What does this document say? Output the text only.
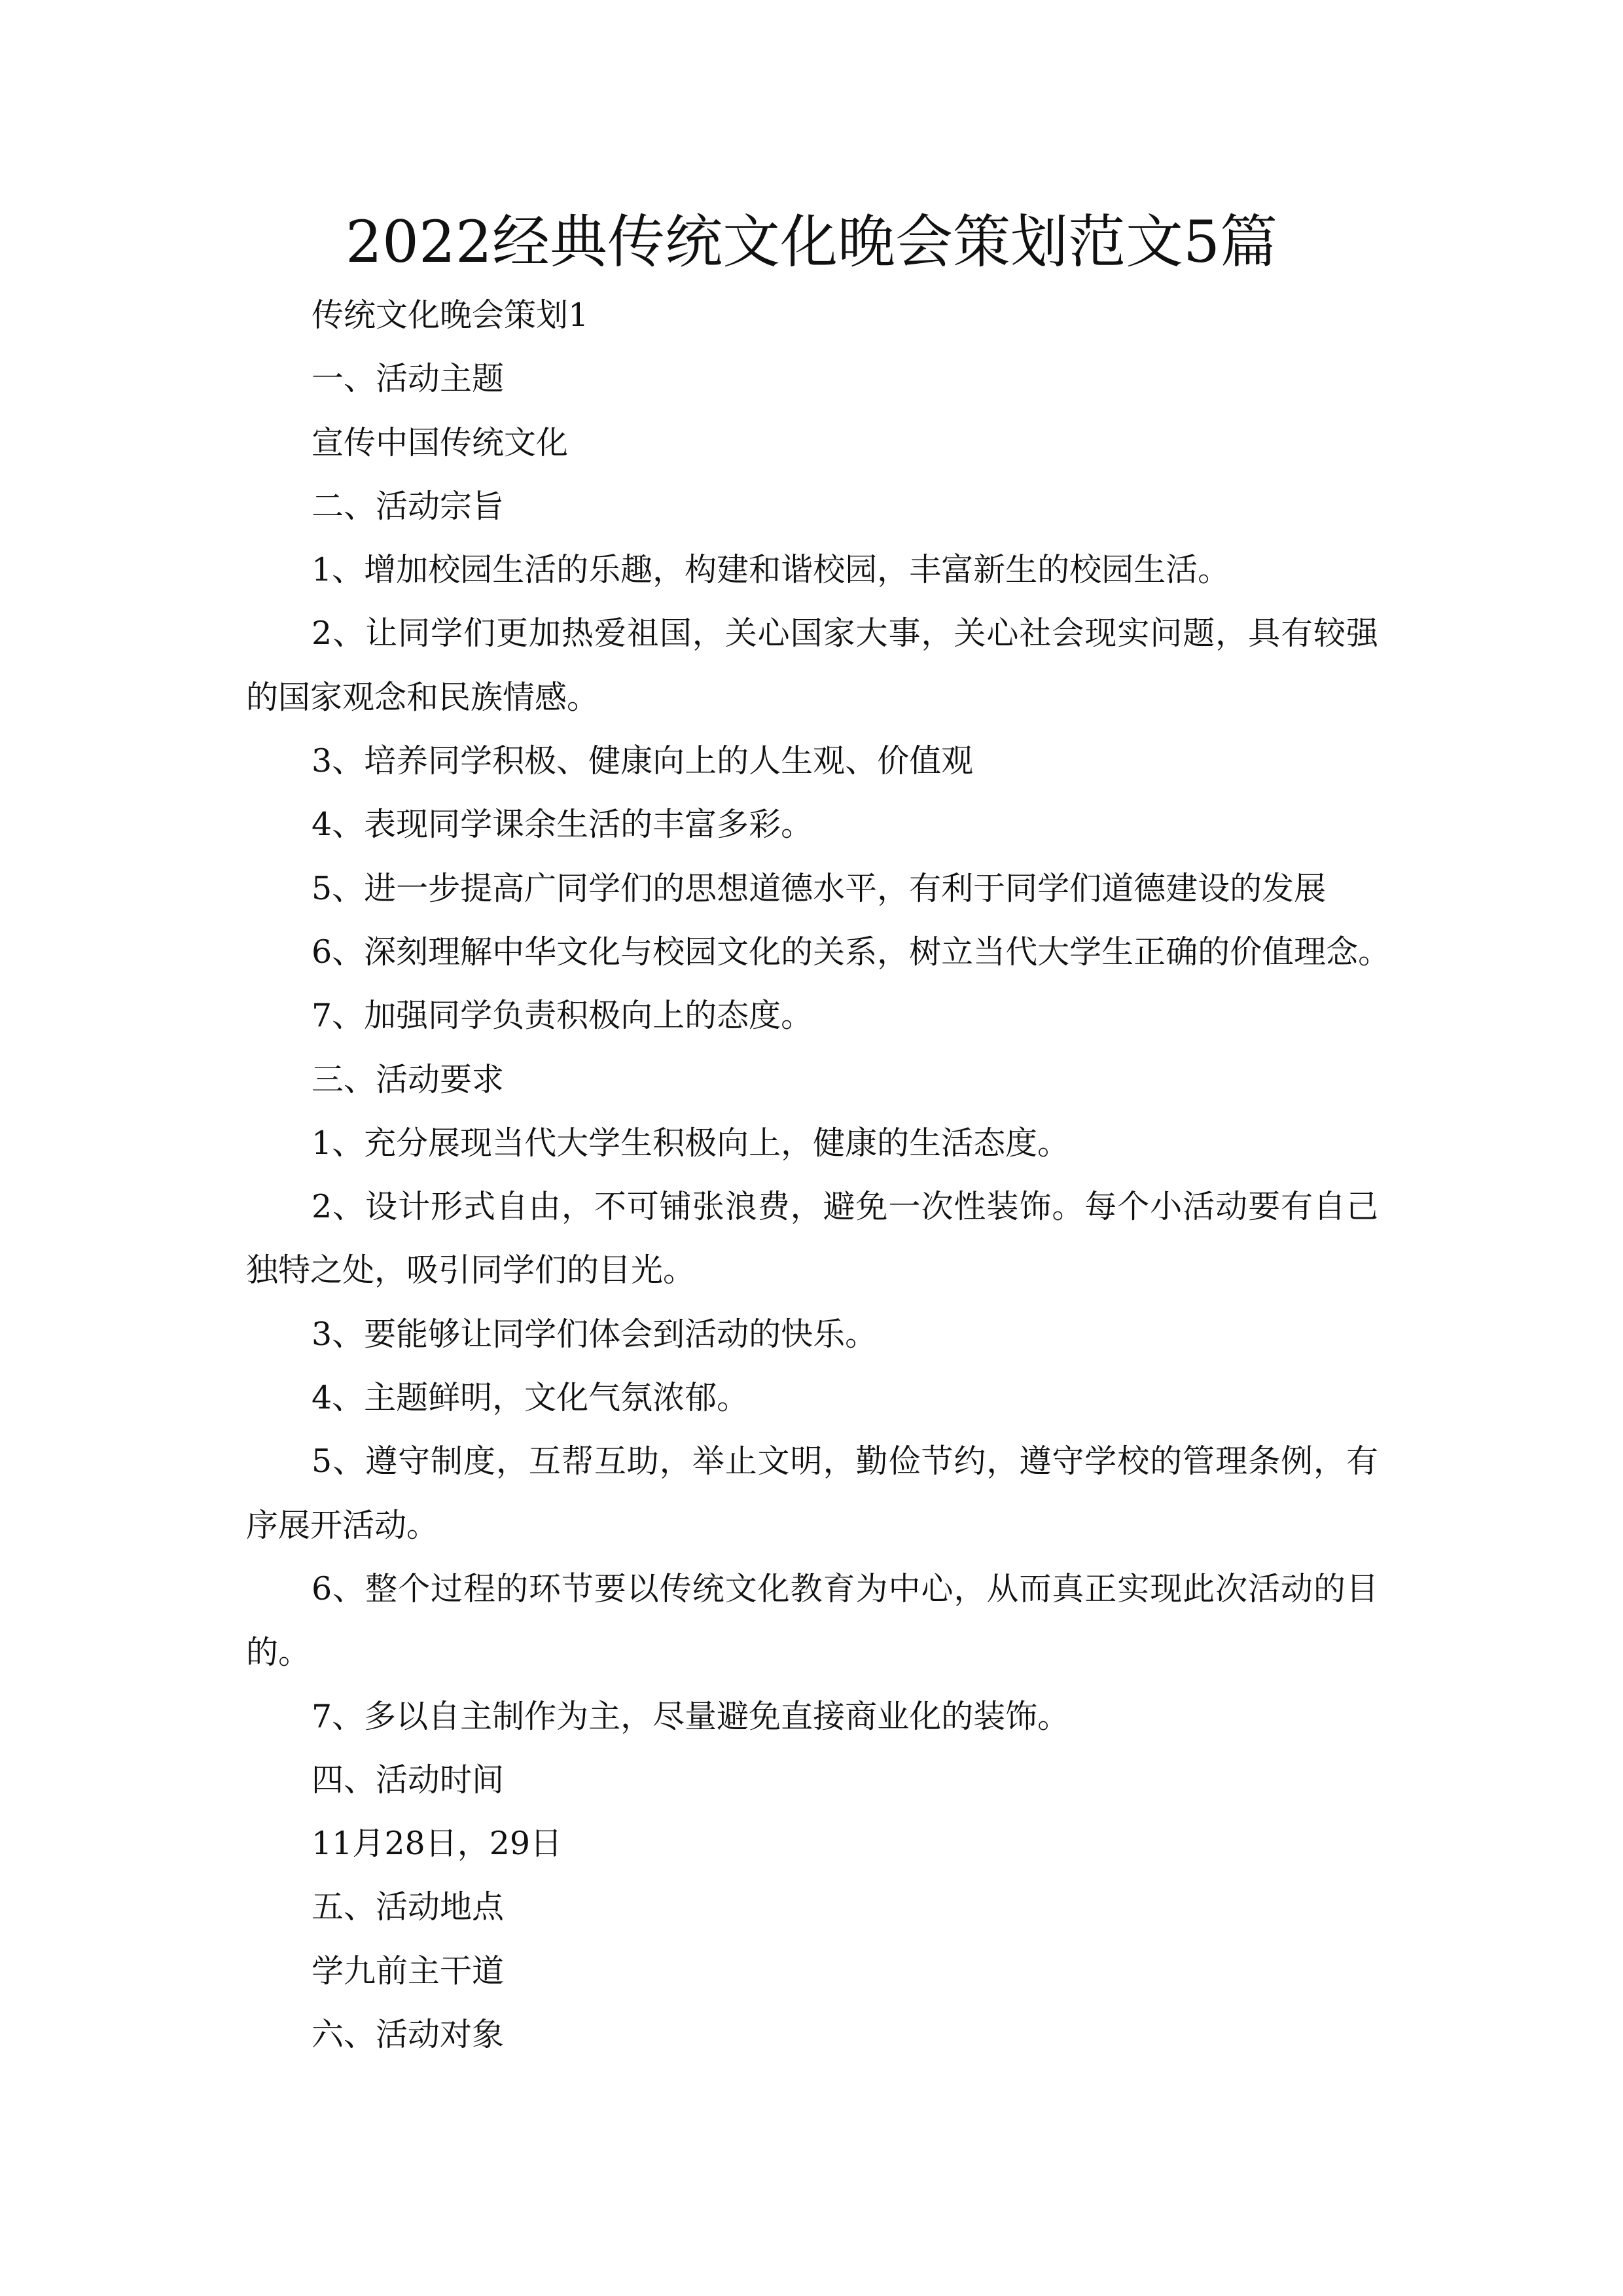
2022经典传统文化晚会策划范文5篇
传统文化晚会策划1
一、活动主题
宣传中国传统文化
二、活动宗旨
1、增加校园生活的乐趣，构建和谐校园，丰富新生的校园生活。
2、让同学们更加热爱祖国，关心国家大事，关心社会现实问题，具有较强
的国家观念和民族情感。
3、培养同学积极、健康向上的人生观、价值观
4、表现同学课余生活的丰富多彩。
5、进一步提高广同学们的思想道德水平，有利于同学们道德建设的发展
6、深刻理解中华文化与校园文化的关系，树立当代大学生正确的价值理念。
7、加强同学负责积极向上的态度。
三、活动要求
1、充分展现当代大学生积极向上，健康的生活态度。
2、设计形式自由，不可铺张浪费，避免一次性装饰。每个小活动要有自己
独特之处，吸引同学们的目光。
3、要能够让同学们体会到活动的快乐。
4、主题鲜明，文化气氛浓郁。
5、遵守制度，互帮互助，举止文明，勤俭节约，遵守学校的管理条例，有
序展开活动。
6、整个过程的环节要以传统文化教育为中心，从而真正实现此次活动的目
的。
7、多以自主制作为主，尽量避免直接商业化的装饰。
四、活动时间
11月28日，29日
五、活动地点
学九前主干道
六、活动对象
